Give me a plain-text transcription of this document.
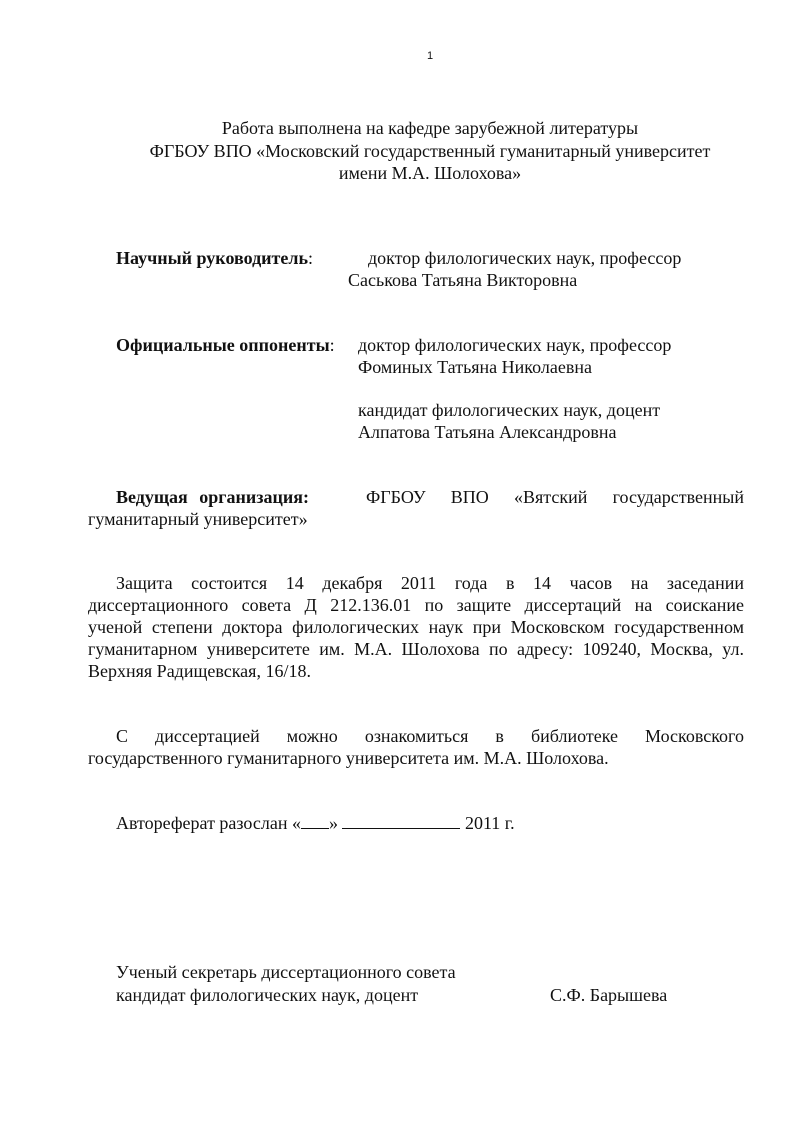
1
Работа выполнена на кафедре зарубежной литературы
ФГБОУ ВПО «Московский государственный гуманитарный университет
имени М.А. Шолохова»
Научный руководитель:	доктор филологических наук, профессор
Саськова Татьяна Викторовна
Официальные оппоненты: доктор филологических наук, профессор
Фоминых Татьяна Николаевна
кандидат филологических наук, доцент
Алпатова Татьяна Александровна
Ведущая организация:	ФГБОУ ВПО «Вятский государственный
гуманитарный университет»
Защита состоится 14 декабря 2011 года в 14 часов на заседании
диссертационного совета Д 212.136.01 по защите диссертаций на соискание
ученой степени доктора филологических наук при Московском государственном
гуманитарном университете им. М.А. Шолохова по адресу: 109240, Москва, ул.
Верхняя Радищевская, 16/18.
С диссертацией можно ознакомиться в библиотеке Московского
государственного гуманитарного университета им. М.А. Шолохова.
Автореферат разослан « »	2011 г.
Ученый секретарь диссертационного совета
кандидат филологических наук, доцент	С.Ф. Барышева
